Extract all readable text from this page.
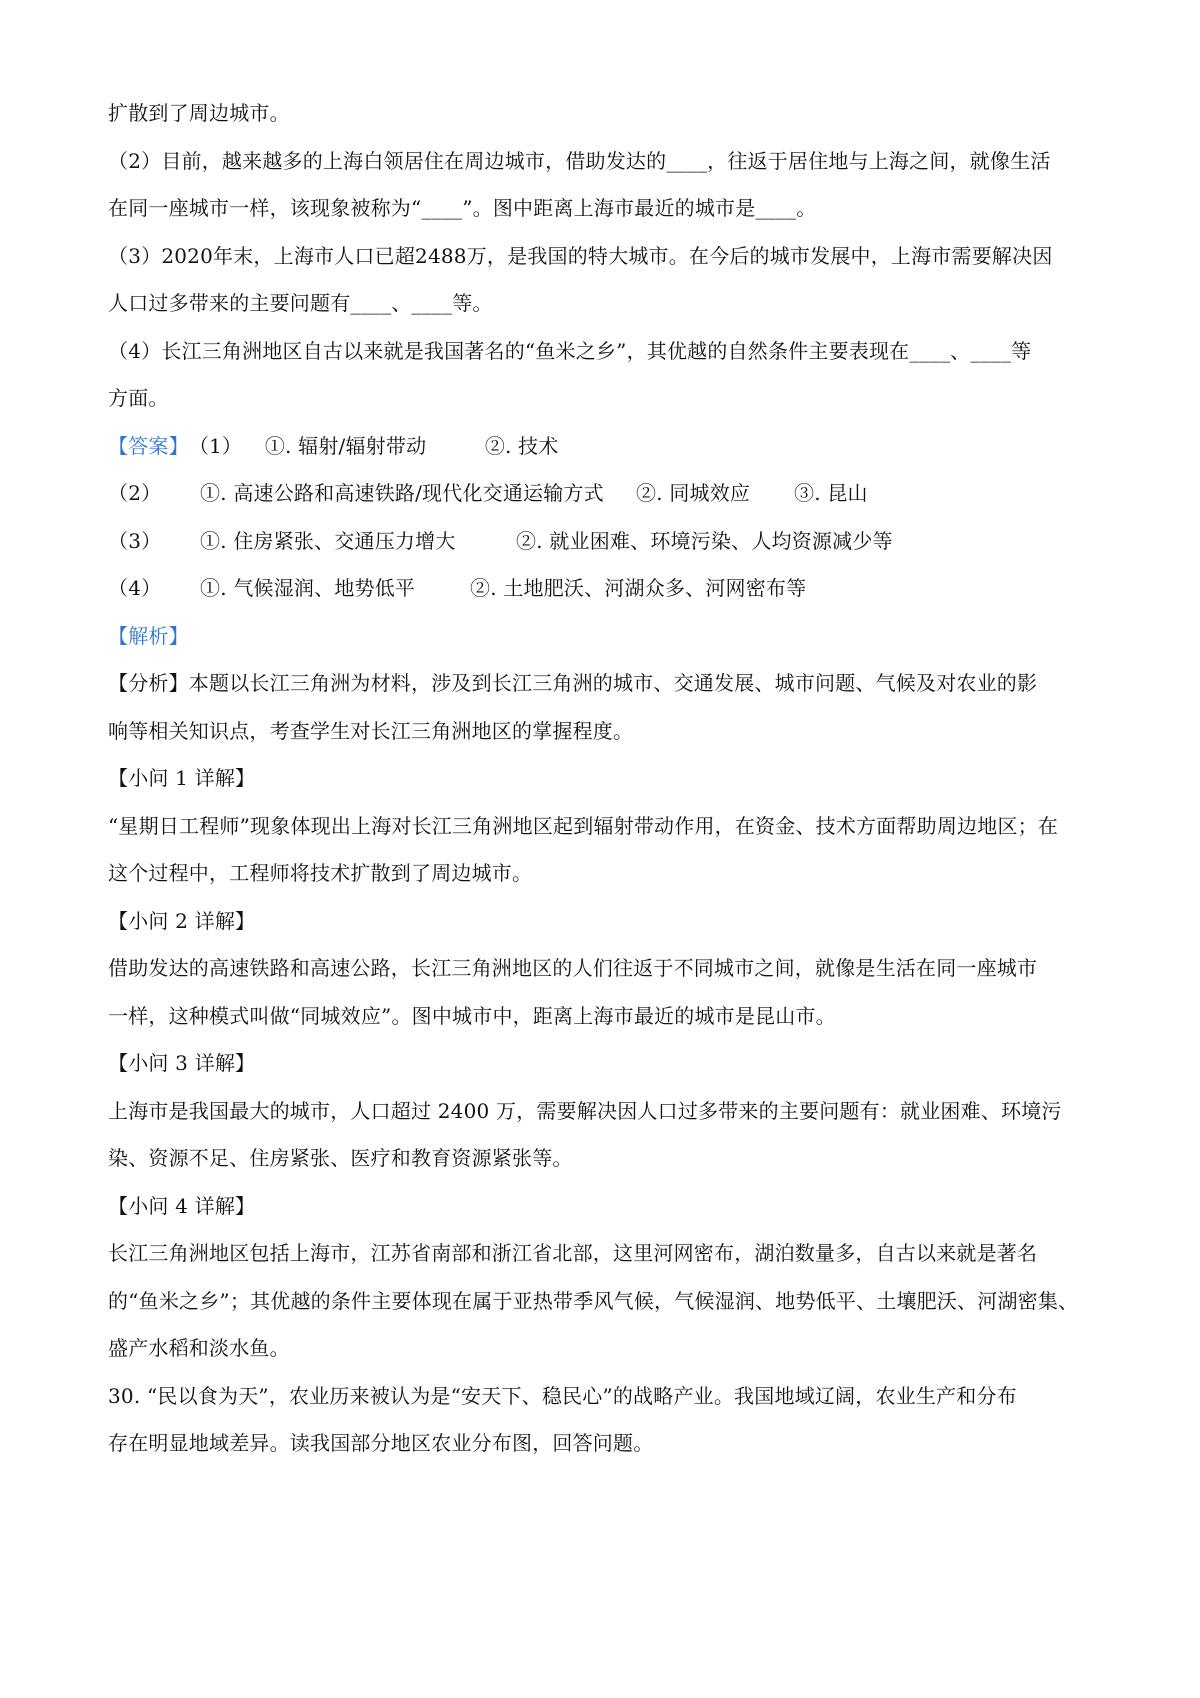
扩散到了周边城市。
（2）目前，越来越多的上海白领居住在周边城市，借助发达的____，往返于居住地与上海之间，就像生活
在同一座城市一样，该现象被称为“____”。图中距离上海市最近的城市是____。
（3）2020年末，上海市人口已超2488万，是我国的特大城市。在今后的城市发展中，上海市需要解决因
人口过多带来的主要问题有____、____等。
（4）长江三角洲地区自古以来就是我国著名的“鱼米之乡”，其优越的自然条件主要表现在____、____等
方面。
【答案】（1） ①. 辐射/辐射带动	②. 技术
（2） ①. 高速公路和高速铁路/现代化交通运输方式 ②. 同城效应 ③. 昆山
（3） ①. 住房紧张、交通压力增大	②. 就业困难、环境污染、人均资源减少等
（4） ①. 气候湿润、地势低平	②. 土地肥沃、河湖众多、河网密布等
【解析】
【分析】本题以长江三角洲为材料，涉及到长江三角洲的城市、交通发展、城市问题、气候及对农业的影
响等相关知识点，考查学生对长江三角洲地区的掌握程度。
【小问 1 详解】
“星期日工程师”现象体现出上海对长江三角洲地区起到辐射带动作用，在资金、技术方面帮助周边地区；在
这个过程中，工程师将技术扩散到了周边城市。
【小问 2 详解】
借助发达的高速铁路和高速公路，长江三角洲地区的人们往返于不同城市之间，就像是生活在同一座城市
一样，这种模式叫做“同城效应”。图中城市中，距离上海市最近的城市是昆山市。
【小问 3 详解】
上海市是我国最大的城市，人口超过 2400 万，需要解决因人口过多带来的主要问题有：就业困难、环境污
染、资源不足、住房紧张、医疗和教育资源紧张等。
【小问 4 详解】
长江三角洲地区包括上海市，江苏省南部和浙江省北部，这里河网密布，湖泊数量多，自古以来就是著名
的“鱼米之乡”；其优越的条件主要体现在属于亚热带季风气候，气候湿润、地势低平、土壤肥沃、河湖密集、
盛产水稻和淡水鱼。
30. “民以食为天”，农业历来被认为是“安天下、稳民心”的战略产业。我国地域辽阔，农业生产和分布
存在明显地域差异。读我国部分地区农业分布图，回答问题。
